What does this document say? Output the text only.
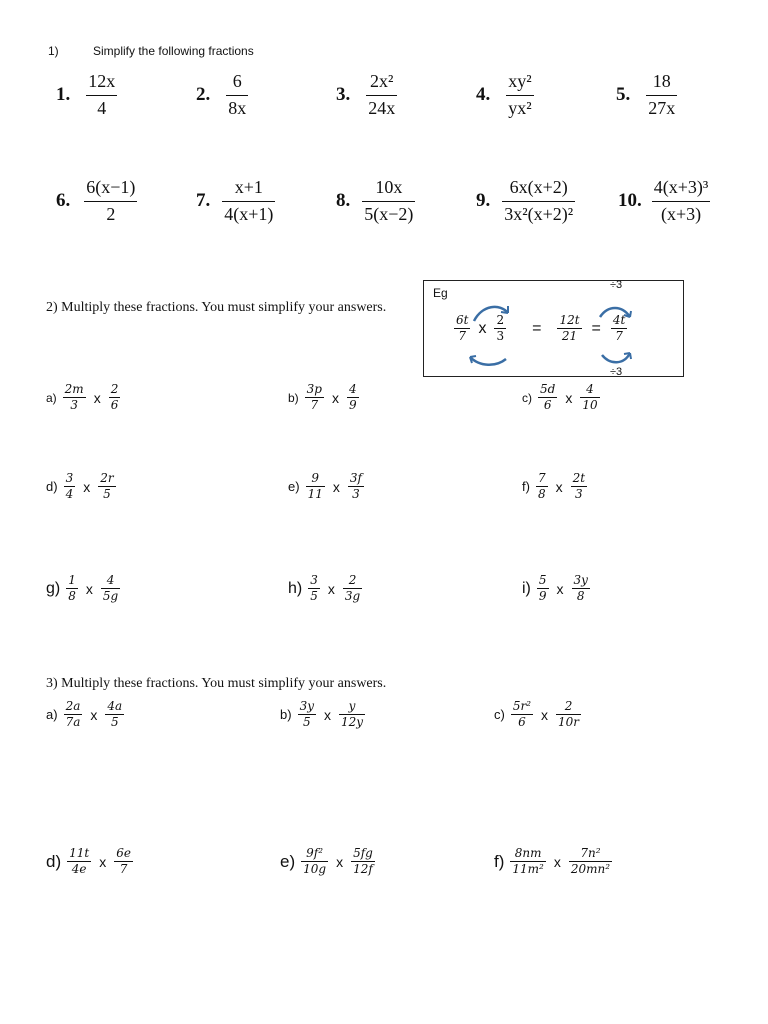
1)	Simplify the following fractions
1. $\frac{12x}{4}$	2. $\frac{6}{8x}$	3. $\frac{\text{2x²}}{24x}$	4. $\frac{\text{xy²}}{\text{yx²}}$	5. $\frac{18}{27x}$
6. $\frac{6(x-1)}{2}$	7. $\frac{x+1}{4(x+1)}$	8. $\frac{10x}{5(x-2)}$	9. $\frac{6x(x+2)}{\text{3x²(x+2)²}} 10$. $\frac{\text{4(x+3)³}}{(x+3)}$
2) Multiply these fractions. You must simplify your answers.
Eg
÷3
÷3
$\frac{6t}{7}$ x $\frac{2}{3} = \frac{12t}{21} = \frac{4t}{7}$
$a) \frac{2m}{3}$ x $\frac{2}{6}$	$b) \frac{3p}{7}$ x $\frac{4}{9}$	$c) \frac{5d}{6}$ x $\frac{4}{10}$
$d) \frac{3}{4}$ x $\frac{2r}{5}$	$e) \frac{9}{11}$ x $\frac{3f}{3}$	$f) \frac{7}{8}$ x $\frac{2t}{3}$
$g) \frac{1}{8}$ x $\frac{4}{5g}$	$h) \frac{3}{5}$ x $\frac{2}{3g}$	$i) \frac{5}{9}$ x $\frac{3y}{8}$
3) Multiply these fractions. You must simplify your answers.
$a) \frac{2a}{7a}$ x $\frac{4a}{5}$	$b) \frac{3y}{5}$ x $\frac{y}{12y}$	$c) \frac{\text{5r²}}{6}$ x $\frac{2}{10r}$
$d) \frac{11t}{4e}$ x $\frac{6e}{7}$	$e) \frac{\text{9f²}}{10g}$ x $\frac{5fg}{12f}$	$f) \frac{8nm}{\text{11m²}}$ x $\frac{\text{7n²}}{\text{20mn²}}$
